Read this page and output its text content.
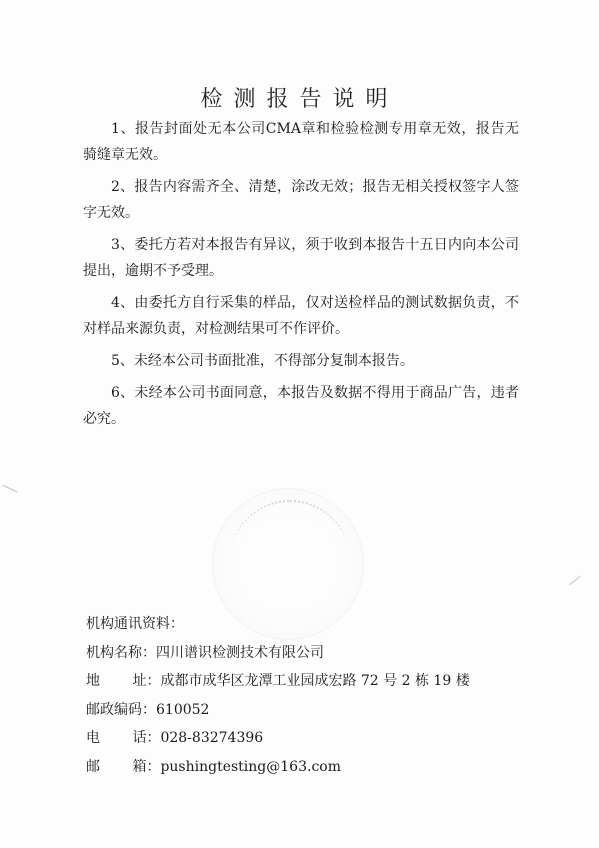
检测报告说明
1、报告封面处无本公司CMA章和检验检测专用章无效，报告无骑缝章无效。
2、报告内容需齐全、清楚，涂改无效；报告无相关授权签字人签字无效。
3、委托方若对本报告有异议，须于收到本报告十五日内向本公司提出，逾期不予受理。
4、由委托方自行采集的样品，仅对送检样品的测试数据负责，不对样品来源负责，对检测结果可不作评价。
5、未经本公司书面批准，不得部分复制本报告。
6、未经本公司书面同意，本报告及数据不得用于商品广告，违者必究。
机构通讯资料：
机构名称：四川谱识检测技术有限公司
地 址：成都市成华区龙潭工业园成宏路 72 号 2 栋 19 楼
邮政编码：610052
电 话：028-83274396
邮 箱：pushingtesting@163.com
